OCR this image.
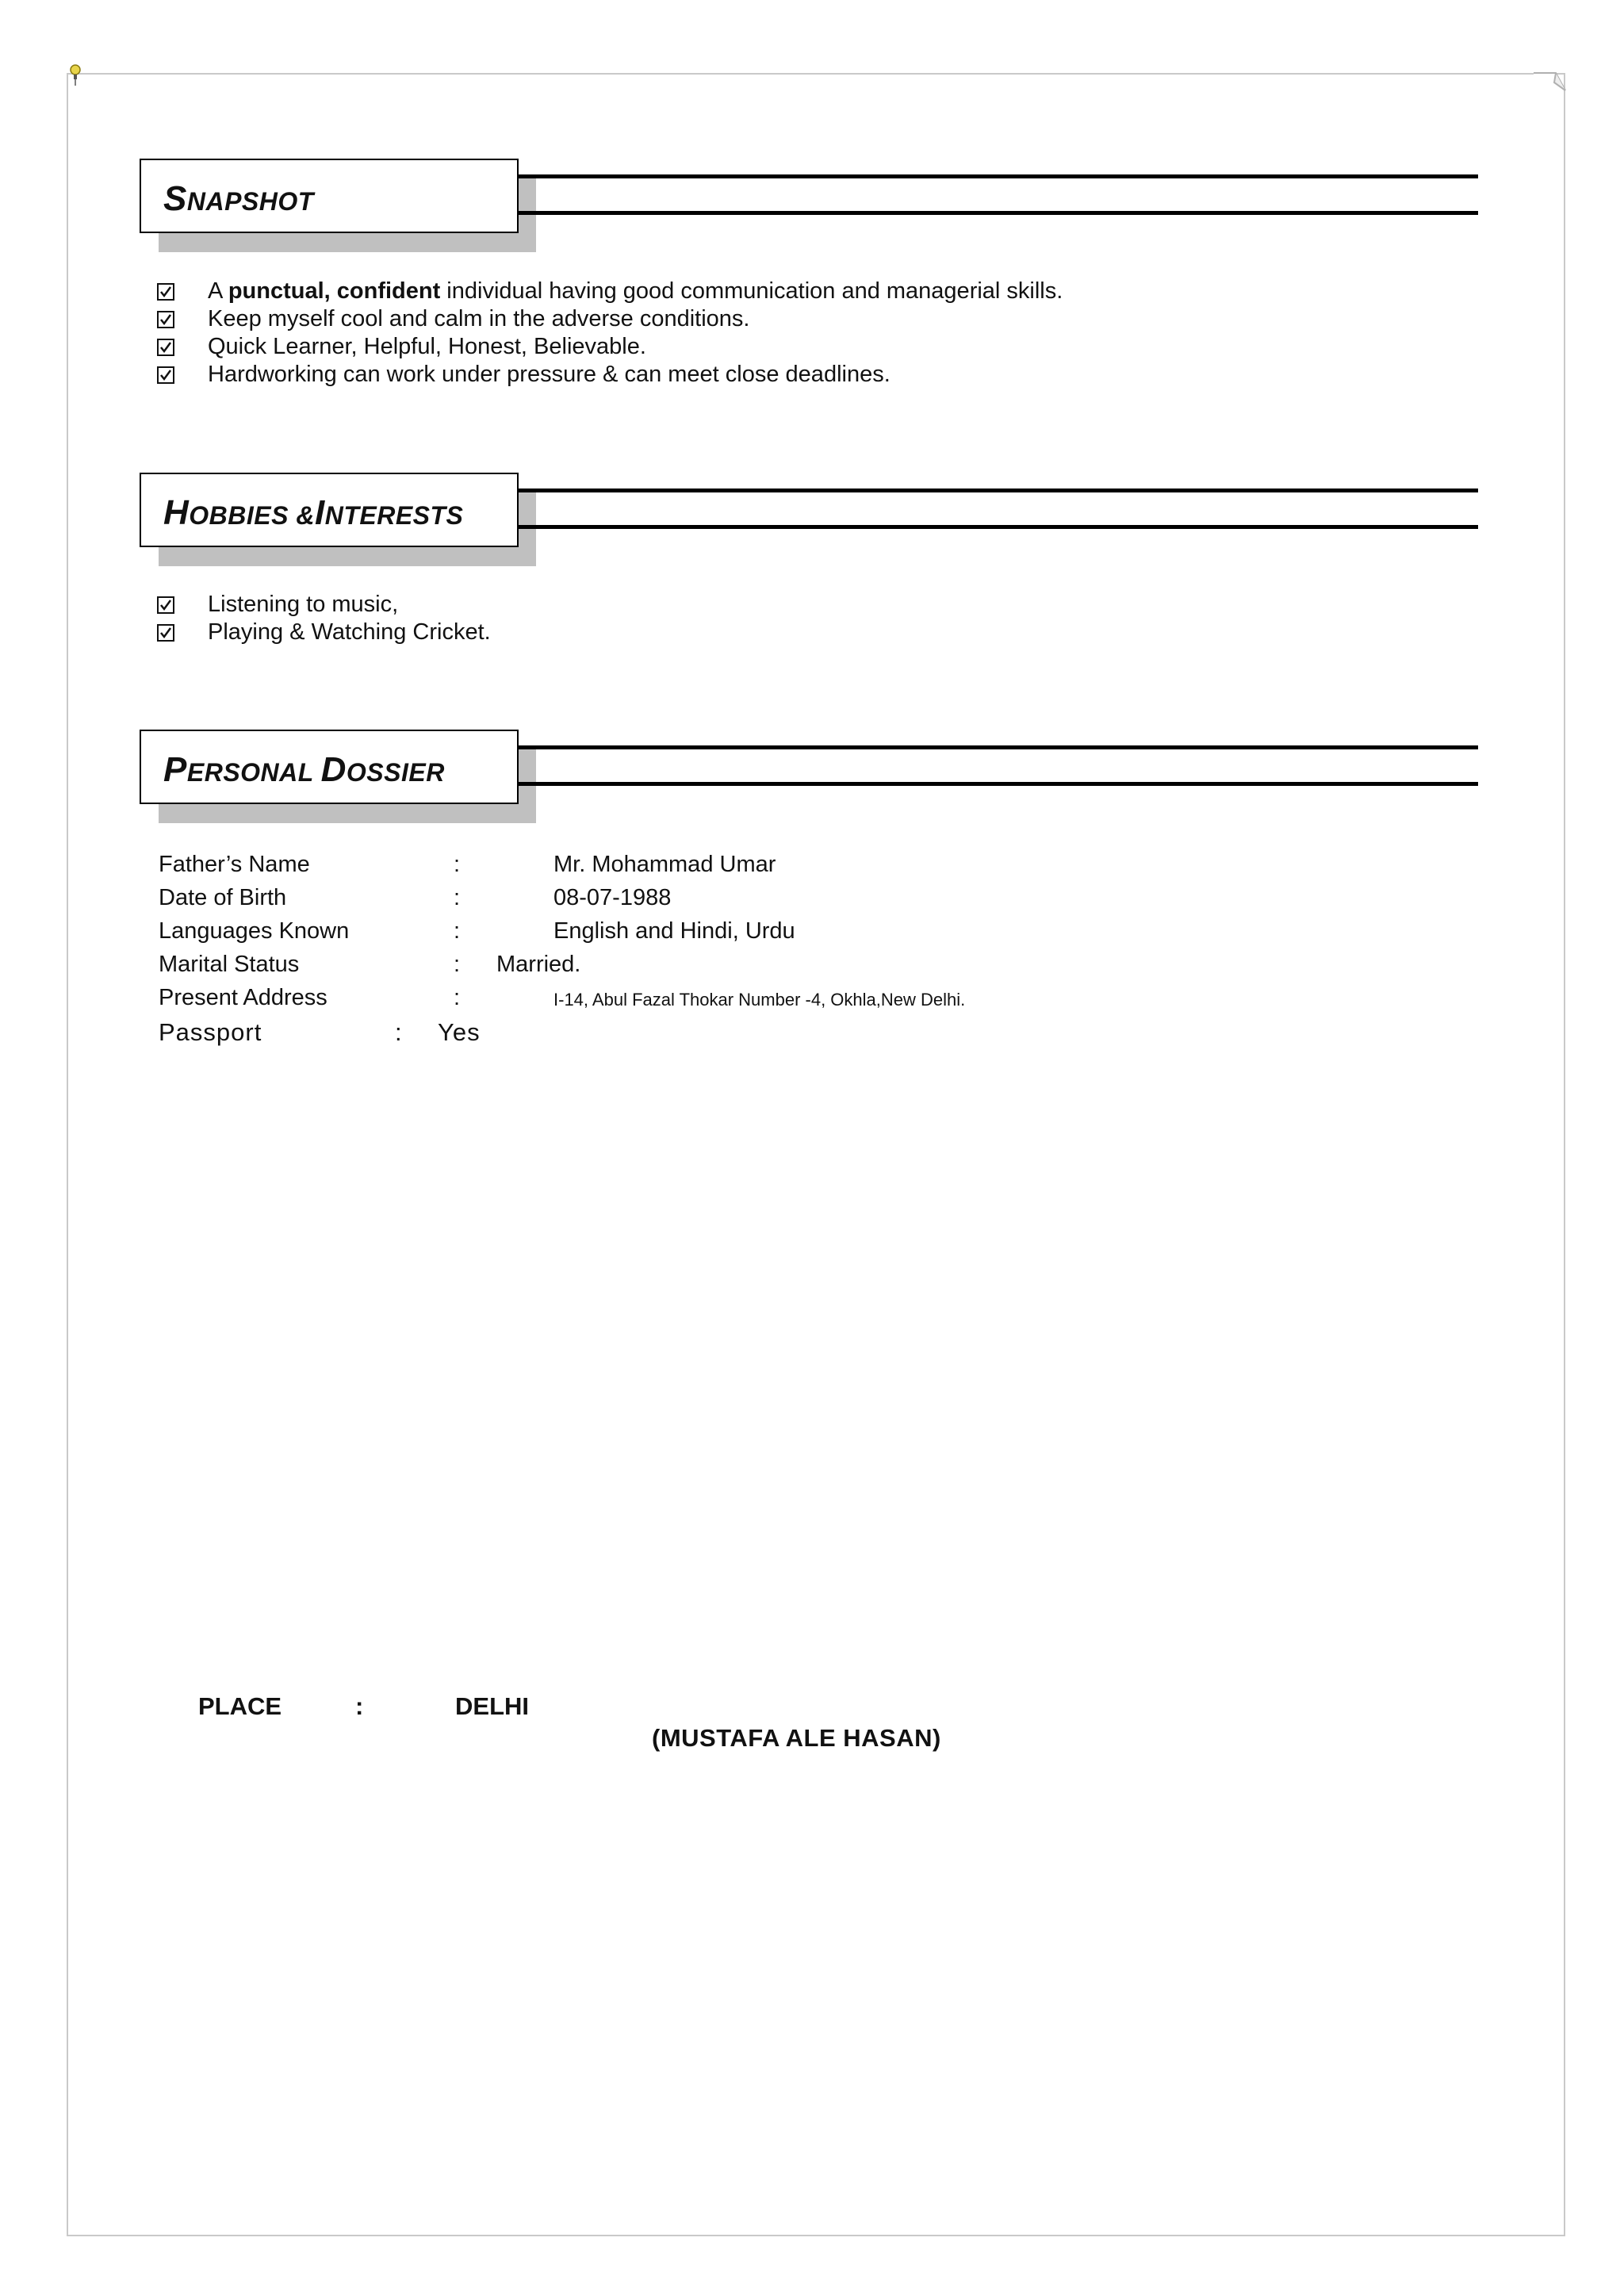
SNAPSHOT
A punctual, confident individual having good communication and managerial skills.
Keep myself cool and calm in the adverse conditions.
Quick Learner, Helpful, Honest, Believable.
Hardworking can work under pressure & can meet close deadlines.
HOBBIES &INTERESTS
Listening to music,
Playing & Watching Cricket.
PERSONAL DOSSIER
Father’s Name	:	Mr. Mohammad Umar
Date of Birth	:	08-07-1988
Languages Known	:	English and Hindi, Urdu
Marital Status	: Married.
Present Address	:	I-14, Abul Fazal Thokar Number -4, Okhla,New Delhi.
Passport	: Yes
PLACE	:	DELHI
(MUSTAFA ALE HASAN)
